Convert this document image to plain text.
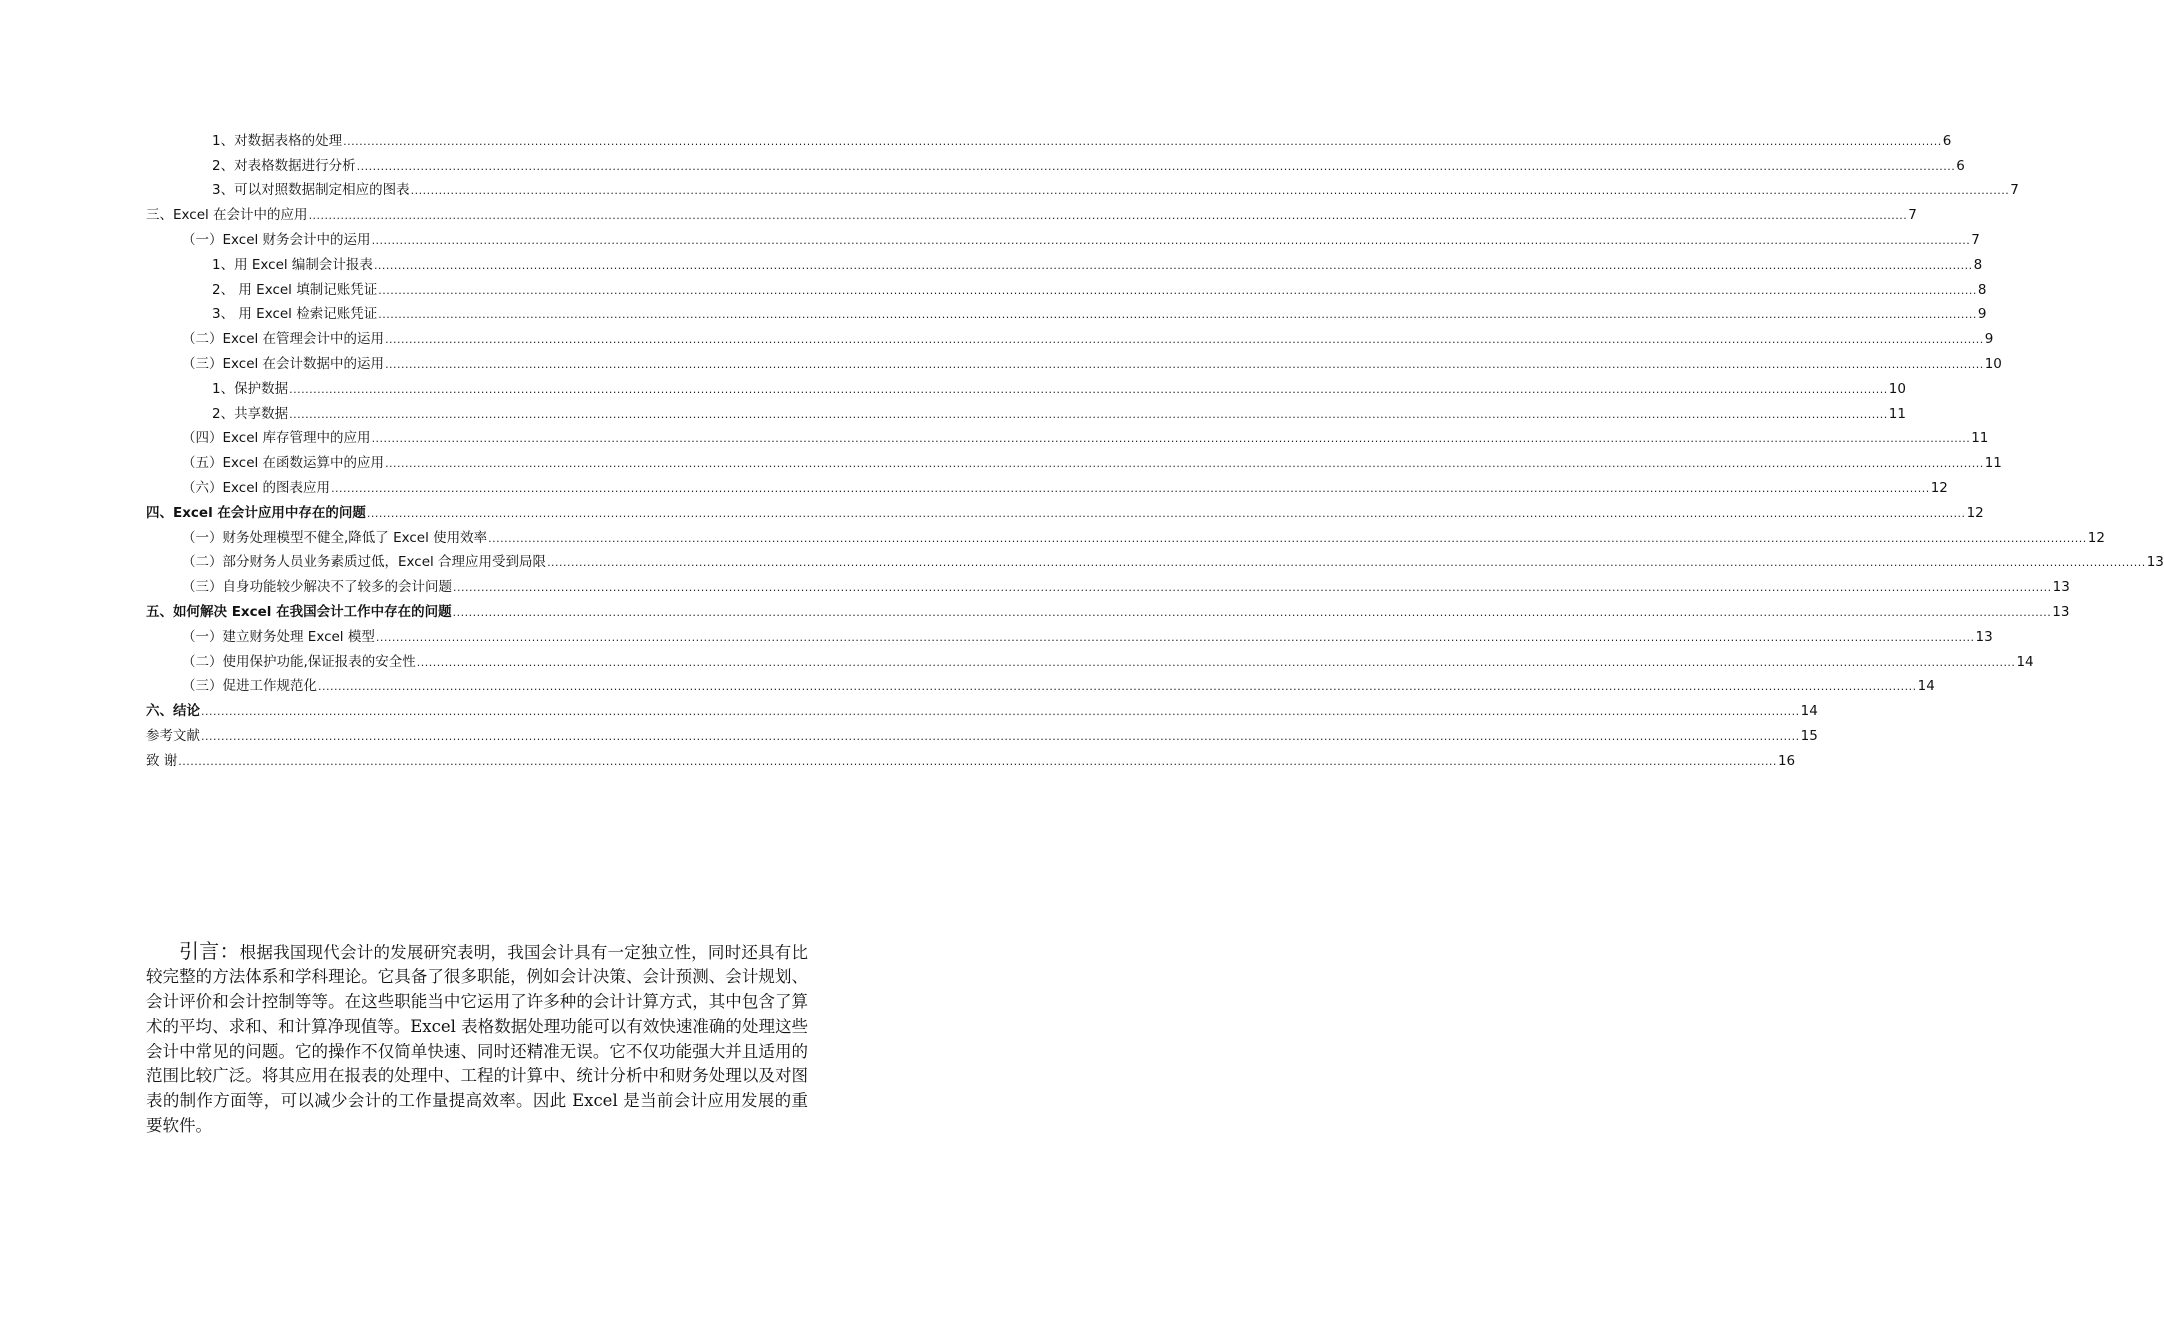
1、对数据表格的处理 ................................................................................................................................................................................................................................................................................................................................................................................................................ 6
2、对表格数据进行分析 ................................................................................................................................................................................................................................................................................................................................................................................................................ 6
3、可以对照数据制定相应的图表 ................................................................................................................................................................................................................................................................................................................................................................................................................ 7
三、Excel 在会计中的应用 ................................................................................................................................................................................................................................................................................................................................................................................................................ 7
（一）Excel 财务会计中的运用 ................................................................................................................................................................................................................................................................................................................................................................................................................ 7
1、用 Excel 编制会计报表 ................................................................................................................................................................................................................................................................................................................................................................................................................ 8
2、 用 Excel 填制记账凭证 ................................................................................................................................................................................................................................................................................................................................................................................................................ 8
3、 用 Excel 检索记账凭证 ................................................................................................................................................................................................................................................................................................................................................................................................................ 9
（二）Excel 在管理会计中的运用 ................................................................................................................................................................................................................................................................................................................................................................................................................ 9
（三）Excel 在会计数据中的运用 ................................................................................................................................................................................................................................................................................................................................................................................................................ 10
1、保护数据 ................................................................................................................................................................................................................................................................................................................................................................................................................ 10
2、共享数据 ................................................................................................................................................................................................................................................................................................................................................................................................................ 11
（四）Excel 库存管理中的应用 ................................................................................................................................................................................................................................................................................................................................................................................................................ 11
（五）Excel 在函数运算中的应用 ................................................................................................................................................................................................................................................................................................................................................................................................................ 11
（六）Excel 的图表应用 ................................................................................................................................................................................................................................................................................................................................................................................................................ 12
四、Excel 在会计应用中存在的问题 ................................................................................................................................................................................................................................................................................................................................................................................................................ 12
（一）财务处理模型不健全,降低了 Excel 使用效率 ................................................................................................................................................................................................................................................................................................................................................................................................................ 12
（二）部分财务人员业务素质过低，Excel 合理应用受到局限 ................................................................................................................................................................................................................................................................................................................................................................................................................ 13
（三）自身功能较少解决不了较多的会计问题 ................................................................................................................................................................................................................................................................................................................................................................................................................ 13
五、如何解决 Excel 在我国会计工作中存在的问题 ................................................................................................................................................................................................................................................................................................................................................................................................................ 13
（一）建立财务处理 Excel 模型 ................................................................................................................................................................................................................................................................................................................................................................................................................ 13
（二）使用保护功能,保证报表的安全性 ................................................................................................................................................................................................................................................................................................................................................................................................................ 14
（三）促进工作规范化 ................................................................................................................................................................................................................................................................................................................................................................................................................ 14
六、结论 ................................................................................................................................................................................................................................................................................................................................................................................................................ 14
参考文献 ................................................................................................................................................................................................................................................................................................................................................................................................................ 15
致 谢 ................................................................................................................................................................................................................................................................................................................................................................................................................ 16

引言：根据我国现代会计的发展研究表明，我国会计具有一定独立性，同时还具有比较完整的方法体系和学科理论。它具备了很多职能，例如会计决策、会计预测、会计规划、会计评价和会计控制等等。在这些职能当中它运用了许多种的会计计算方式，其中包含了算术的平均、求和、和计算净现值等。Excel 表格数据处理功能可以有效快速准确的处理这些会计中常见的问题。它的操作不仅简单快速、同时还精准无误。它不仅功能强大并且适用的范围比较广泛。将其应用在报表的处理中、工程的计算中、统计分析中和财务处理以及对图表的制作方面等，可以减少会计的工作量提高效率。因此 Excel 是当前会计应用发展的重要软件。
